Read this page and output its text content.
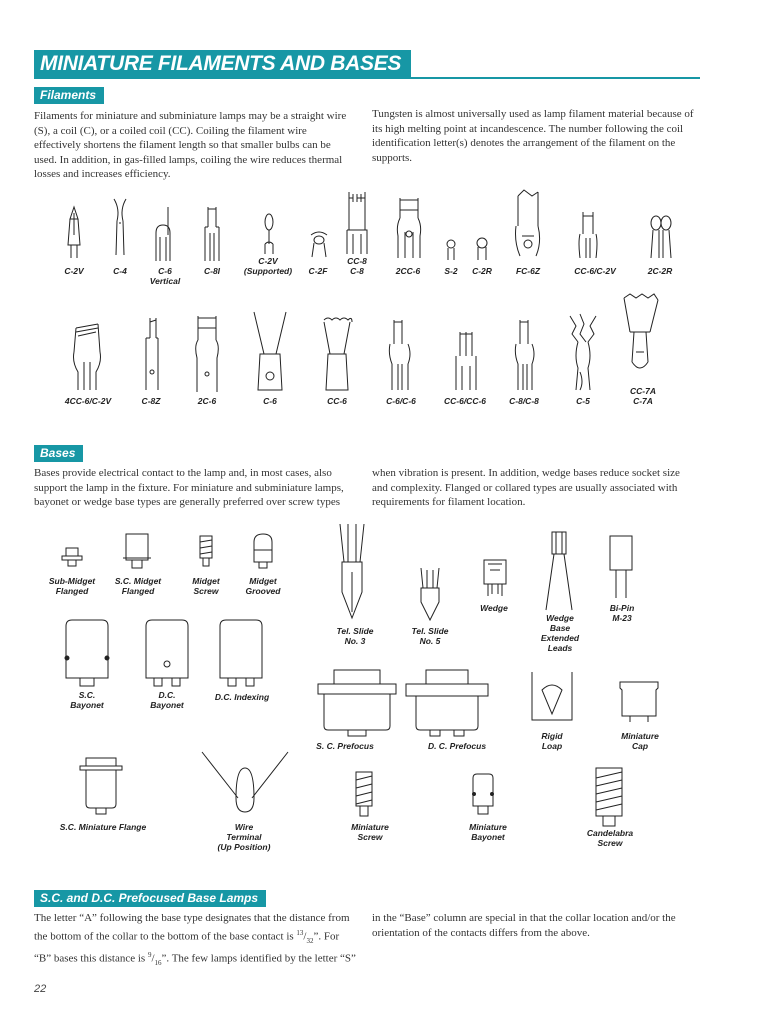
MINIATURE FILAMENTS AND BASES
Filaments
Filaments for miniature and subminiature lamps may be a straight wire (S), a coil (C), or a coiled coil (CC). Coiling the filament wire effectively shortens the filament length so that smaller bulbs can be used. In addition, in gas-filled lamps, coiling the wire reduces thermal losses and increases efficiency.
Tungsten is almost universally used as lamp filament material because of its high melting point at incandescence. The number following the coil identification letter(s) denotes the arrangement of the filament on the supports.
C-2V	C-4	C-6
Vertical
C-8I
C-2V
(Supported) C-2F
CC-8
C-8	2CC-6	S-2 C-2R	FC-6Z	CC-6/C-2V	2C-2R
4CC-6/C-2V	C-8Z	2C-6	C-6	CC-6	C-6/C-6	CC-6/CC-6	C-8/C-8	C-5
CC-7A
C-7A
Bases
Bases provide electrical contact to the lamp and, in most cases, also support the lamp in the fixture. For miniature and subminiature lamps, bayonet or wedge base types are generally preferred over screw types
when vibration is present. In addition, wedge bases reduce socket size and complexity. Flanged or collared types are usually associated with requirements for filament location.
Sub-Midget
Flanged
S.C. Midget
Flanged
Midget
Screw
Midget
Grooved
Tel. Slide
No. 3
Tel. Slide
No. 5
Wedge
Wedge
Base
Extended
Leads
Bi-Pin
M-23
S.C.
Bayonet
D.C.
Bayonet
D.C. Indexing
S. C. Prefocus	D. C. Prefocus
Rigid
Loap
Miniature
Cap
S.C. Miniature Flange	Wire
Terminal
(Up Position)
Miniature
Screw
Miniature
Bayonet	Candelabra
Screw
S.C. and D.C. Prefocused Base Lamps
The letter “A” following the base type designates that the distance from the bottom of the collar to the bottom of the base contact is $^{13}/_{32}$”. For “B” bases this distance is $^9/_{16}$”. The few lamps identified by the letter “S”
in the “Base” column are special in that the collar location and/or the orientation of the contacts differs from the above.
22
